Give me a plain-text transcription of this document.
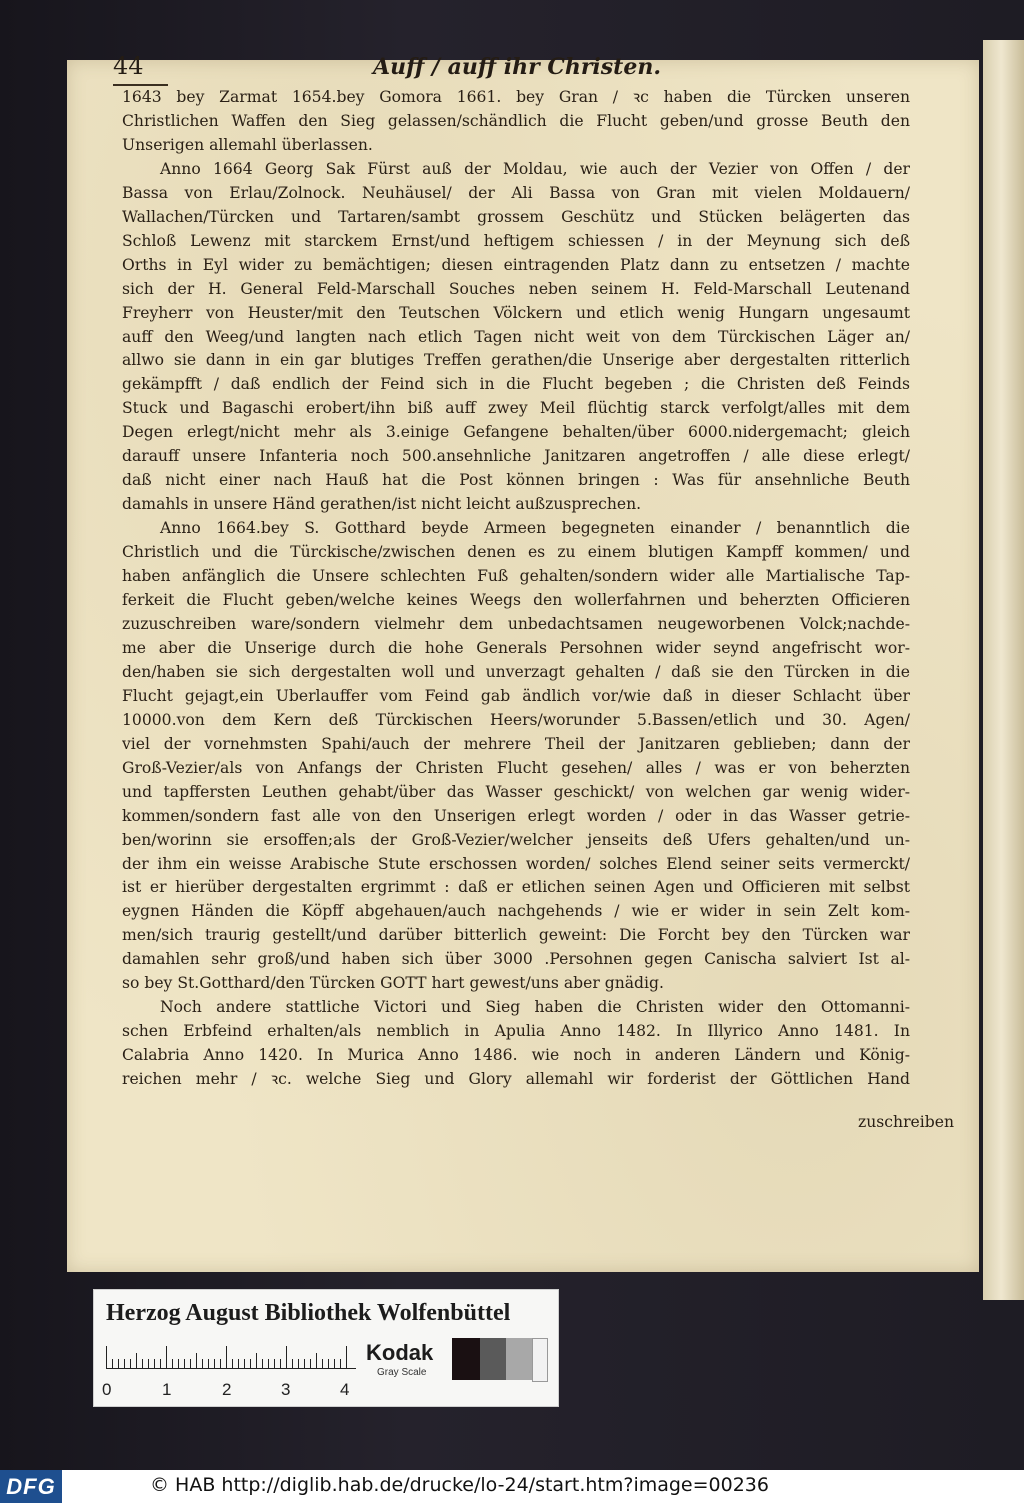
44	Auff / auff ihr Christen.
1643 bey Zarmat 1654.bey Gomora 1661. bey Gran / ꝛc haben die Türcken unseren
Christlichen Waffen den Sieg gelassen/schändlich die Flucht geben/und grosse Beuth den
Unserigen allemahl überlassen.
Anno 1664 Georg Sak Fürst auß der Moldau, wie auch der Vezier von Offen / der
Bassa von Erlau/Zolnock. Neuhäusel/ der Ali Bassa von Gran mit vielen Moldauern/
Wallachen/Türcken und Tartaren/sambt grossem Geschütz und Stücken belägerten das
Schloß Lewenz mit starckem Ernst/und heftigem schiessen / in der Meynung sich deß
Orths in Eyl wider zu bemächtigen; diesen eintragenden Platz dann zu entsetzen / machte
sich der H. General Feld-Marschall Souches neben seinem H. Feld-Marschall Leutenand
Freyherr von Heuster/mit den Teutschen Völckern und etlich wenig Hungarn ungesaumt
auff den Weeg/und langten nach etlich Tagen nicht weit von dem Türckischen Läger an/
allwo sie dann in ein gar blutiges Treffen gerathen/die Unserige aber dergestalten ritterlich
gekämpfft / daß endlich der Feind sich in die Flucht begeben ; die Christen deß Feinds
Stuck und Bagaschi erobert/ihn biß auff zwey Meil flüchtig starck verfolgt/alles mit dem
Degen erlegt/nicht mehr als 3.einige Gefangene behalten/über 6000.nidergemacht; gleich
darauff unsere Infanteria noch 500.ansehnliche Janitzaren angetroffen / alle diese erlegt/
daß nicht einer nach Hauß hat die Post können bringen : Was für ansehnliche Beuth
damahls in unsere Händ gerathen/ist nicht leicht außzusprechen.
Anno 1664.bey S. Gotthard beyde Armeen begegneten einander / benanntlich die
Christlich und die Türckische/zwischen denen es zu einem blutigen Kampff kommen/ und
haben anfänglich die Unsere schlechten Fuß gehalten/sondern wider alle Martialische Tap-
ferkeit die Flucht geben/welche keines Weegs den wollerfahrnen und beherzten Officieren
zuzuschreiben ware/sondern vielmehr dem unbedachtsamen neugeworbenen Volck;nachde-
me aber die Unserige durch die hohe Generals Persohnen wider seynd angefrischt wor-
den/haben sie sich dergestalten woll und unverzagt gehalten / daß sie den Türcken in die
Flucht gejagt,ein Uberlauffer vom Feind gab ändlich vor/wie daß in dieser Schlacht über
10000.von dem Kern deß Türckischen Heers/worunder 5.Bassen/etlich und 30. Agen/
viel der vornehmsten Spahi/auch der mehrere Theil der Janitzaren geblieben; dann der
Groß-Vezier/als von Anfangs der Christen Flucht gesehen/ alles / was er von beherzten
und tapffersten Leuthen gehabt/über das Wasser geschickt/ von welchen gar wenig wider-
kommen/sondern fast alle von den Unserigen erlegt worden / oder in das Wasser getrie-
ben/worinn sie ersoffen;als der Groß-Vezier/welcher jenseits deß Ufers gehalten/und un-
der ihm ein weisse Arabische Stute erschossen worden/ solches Elend seiner seits vermerckt/
ist er hierüber dergestalten ergrimmt : daß er etlichen seinen Agen und Officieren mit selbst
eygnen Händen die Köpff abgehauen/auch nachgehends / wie er wider in sein Zelt kom-
men/sich traurig gestellt/und darüber bitterlich geweint: Die Forcht bey den Türcken war
damahlen sehr groß/und haben sich über 3000 .Persohnen gegen Canischa salviert Ist al-
so bey St.Gotthard/den Türcken GOTT hart gewest/uns aber gnädig.
Noch andere stattliche Victori und Sieg haben die Christen wider den Ottomanni-
schen Erbfeind erhalten/als nemblich in Apulia Anno 1482. In Illyrico Anno 1481. In
Calabria Anno 1420. In Murica Anno 1486. wie noch in anderen Ländern und König-
reichen mehr / ꝛc. welche Sieg und Glory allemahl wir forderist der Göttlichen Hand
zuschreiben
Herzog August Bibliothek Wolfenbüttel
0	1	2	3	4
Kodak
Gray Scale
DFG	© HAB http://diglib.hab.de/drucke/lo-24/start.htm?image=00236
